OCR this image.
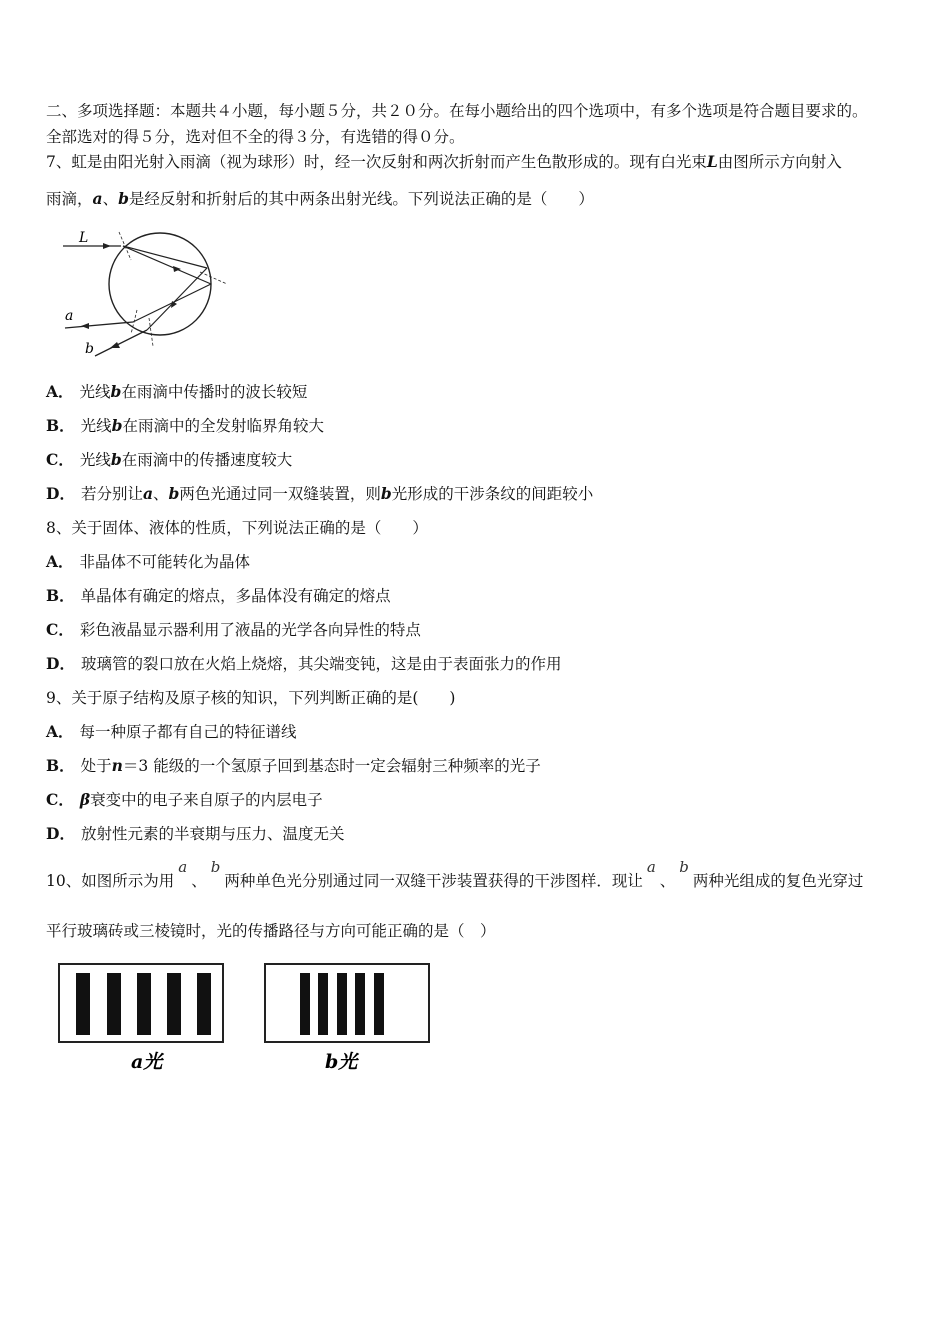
二、多项选择题：本题共４小题，每小题５分，共２０分。在每小题给出的四个选项中，有多个选项是符合题目要求的。
全部选对的得５分，选对但不全的得３分，有选错的得０分。
7、虹是由阳光射入雨滴（视为球形）时，经一次反射和两次折射而产生色散形成的。现有白光束L由图所示方向射入
雨滴，a、b是经反射和折射后的其中两条出射光线。下列说法正确的是（　　）
L
a
b
A． 光线b在雨滴中传播时的波长较短
B． 光线b在雨滴中的全发射临界角较大
C． 光线b在雨滴中的传播速度较大
D． 若分别让a、b两色光通过同一双缝装置，则b光形成的干涉条纹的间距较小
8、关于固体、液体的性质，下列说法正确的是（　　）
A． 非晶体不可能转化为晶体
B． 单晶体有确定的熔点，多晶体没有确定的熔点
C． 彩色液晶显示器利用了液晶的光学各向异性的特点
D． 玻璃管的裂口放在火焰上烧熔，其尖端变钝，这是由于表面张力的作用
9、关于原子结构及原子核的知识，下列判断正确的是(　　)
A． 每一种原子都有自己的特征谱线
B． 处于n＝3 能级的一个氢原子回到基态时一定会辐射三种频率的光子
C． β衰变中的电子来自原子的内层电子
D． 放射性元素的半衰期与压力、温度无关
10、如图所示为用a、b两种单色光分别通过同一双缝干涉装置获得的干涉图样．现让a、b两种光组成的复色光穿过
平行玻璃砖或三棱镜时，光的传播路径与方向可能正确的是（　）
a光	b光
